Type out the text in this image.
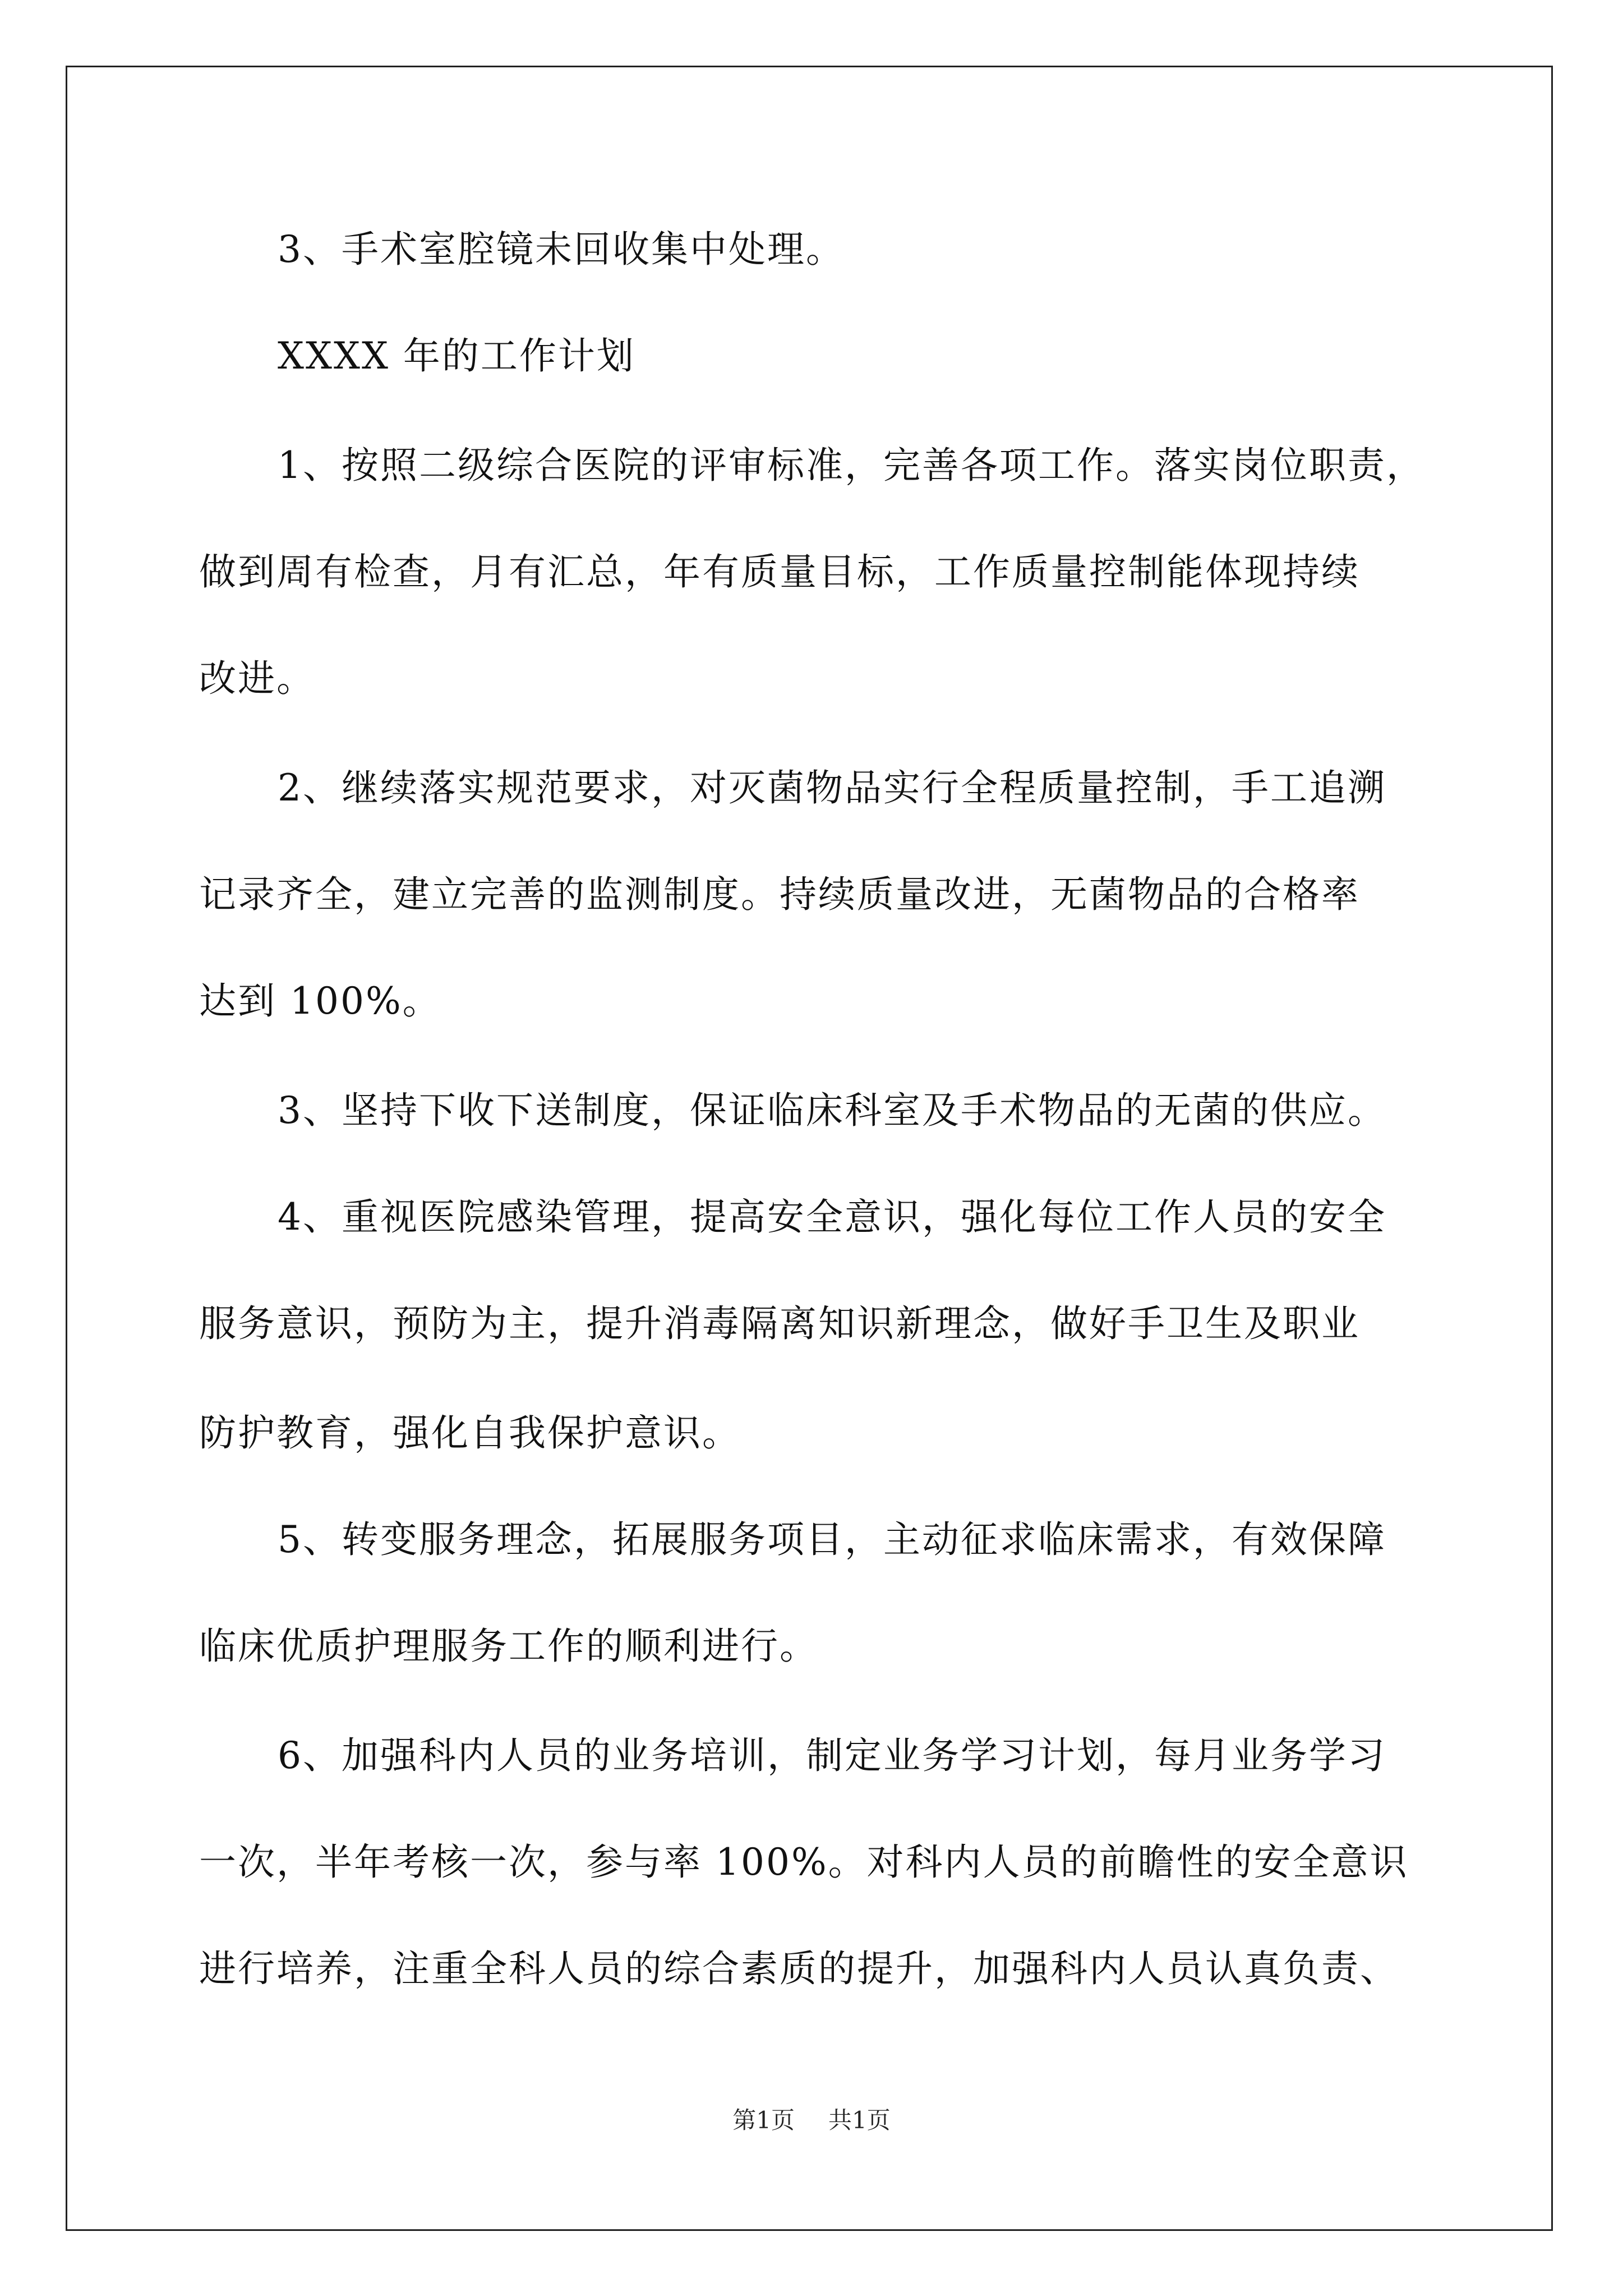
3、手术室腔镜未回收集中处理。
XXXX 年的工作计划
1、按照二级综合医院的评审标准，完善各项工作。落实岗位职责，
做到周有检查，月有汇总，年有质量目标，工作质量控制能体现持续
改进。
2、继续落实规范要求，对灭菌物品实行全程质量控制，手工追溯
记录齐全，建立完善的监测制度。持续质量改进，无菌物品的合格率
达到 100%。
3、坚持下收下送制度，保证临床科室及手术物品的无菌的供应。
4、重视医院感染管理，提高安全意识，强化每位工作人员的安全
服务意识，预防为主，提升消毒隔离知识新理念，做好手卫生及职业
防护教育，强化自我保护意识。
5、转变服务理念，拓展服务项目，主动征求临床需求，有效保障
临床优质护理服务工作的顺利进行。
6、加强科内人员的业务培训，制定业务学习计划，每月业务学习
一次，半年考核一次，参与率 100%。对科内人员的前瞻性的安全意识
进行培养，注重全科人员的综合素质的提升，加强科内人员认真负责、
第1页 共1页
